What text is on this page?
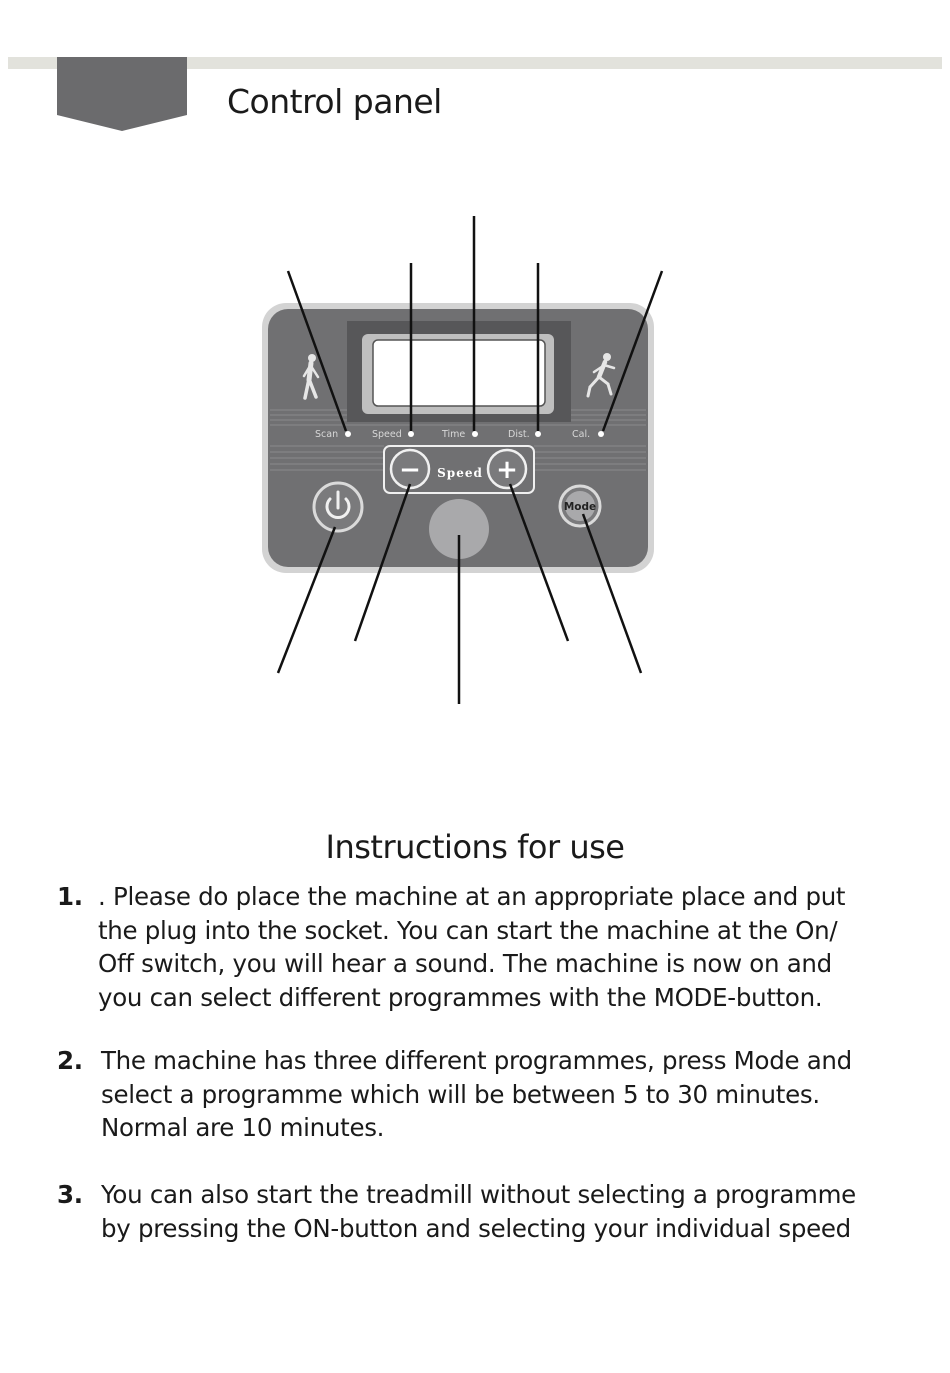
Control panel
Scan	Speed	Time	Dist.	Cal.
− Speed +
Mode
Instructions for use
1. . Please do place the machine at an appropriate place and put
the plug into the socket. You can start the machine at the On/
Off switch, you will hear a sound. The machine is now on and
you can select different programmes with the MODE-button.
2. The machine has three different programmes, press Mode and
select a programme which will be between 5 to 30 minutes.
Normal are 10 minutes.
3. You can also start the treadmill without selecting a programme
by pressing the ON-button and selecting your individual speed
